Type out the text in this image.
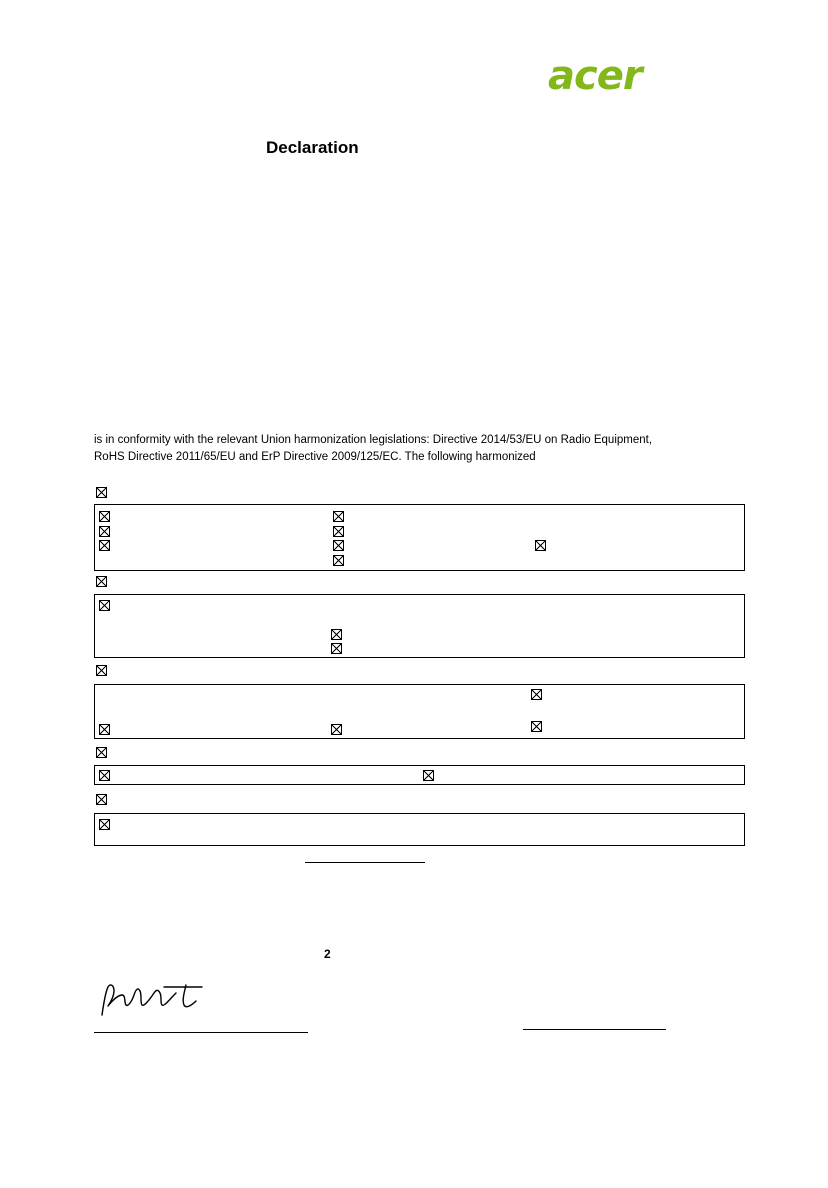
acer
Declaration
is in conformity with the relevant Union harmonization legislations: Directive 2014/53/EU on Radio Equipment, RoHS Directive 2011/65/EU and ErP Directive 2009/125/EC. The following harmonized
2
